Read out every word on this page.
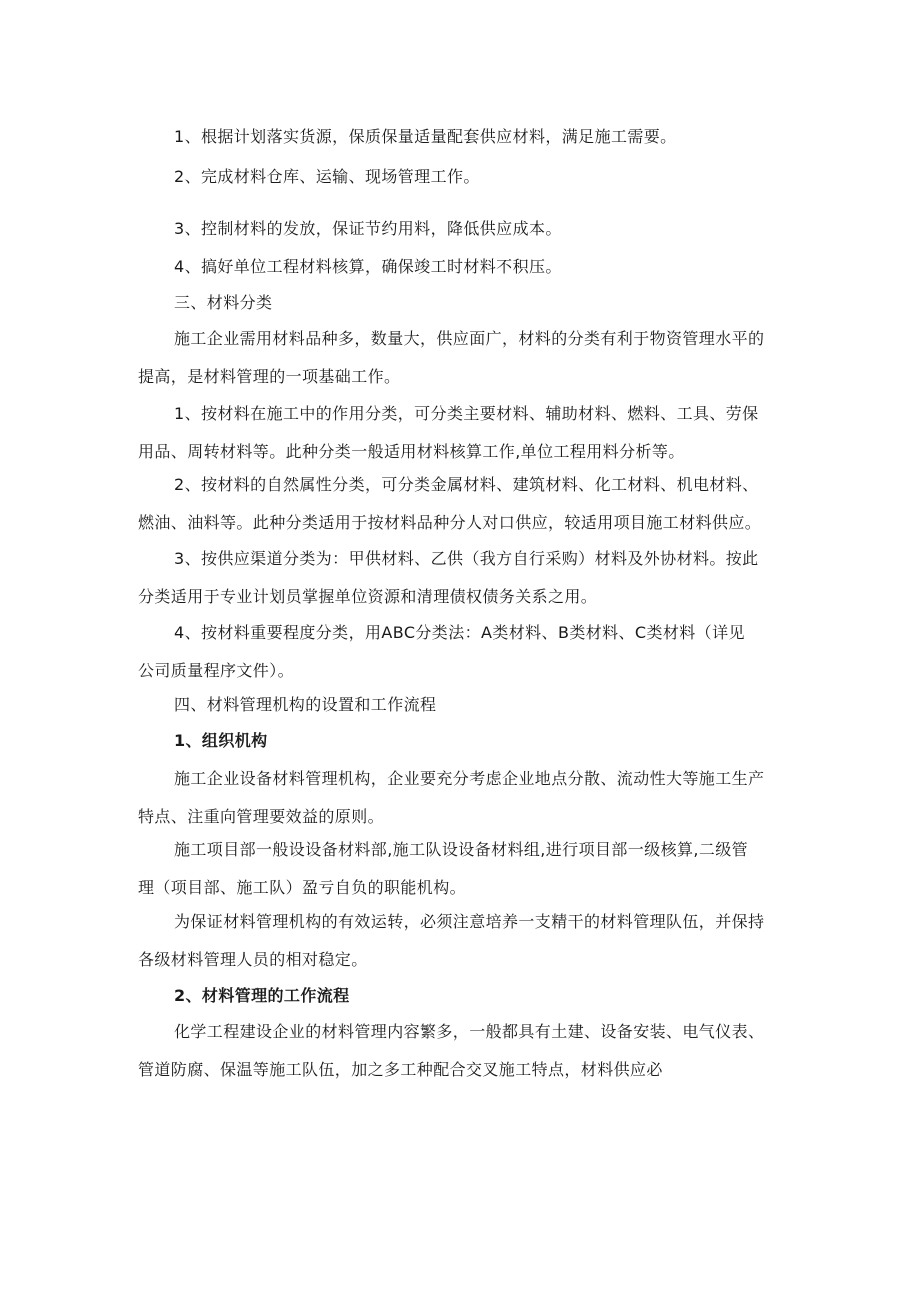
1、根据计划落实货源，保质保量适量配套供应材料，满足施工需要。

2、完成材料仓库、运输、现场管理工作。

3、控制材料的发放，保证节约用料，降低供应成本。

4、搞好单位工程材料核算，确保竣工时材料不积压。

三、材料分类

施工企业需用材料品种多，数量大，供应面广，材料的分类有利于物资管理水平的
提高，是材料管理的一项基础工作。

1、按材料在施工中的作用分类，可分类主要材料、辅助材料、燃料、工具、劳保
用品、周转材料等。此种分类一般适用材料核算工作,单位工程用料分析等。

2、按材料的自然属性分类，可分类金属材料、建筑材料、化工材料、机电材料、
燃油、油料等。此种分类适用于按材料品种分人对口供应，较适用项目施工材料供应。

3、按供应渠道分类为：甲供材料、乙供（我方自行采购）材料及外协材料。按此
分类适用于专业计划员掌握单位资源和清理债权债务关系之用。

4、按材料重要程度分类，用ABC分类法：A类材料、B类材料、C类材料（详见
公司质量程序文件）。

四、材料管理机构的设置和工作流程

1、组织机构

施工企业设备材料管理机构，企业要充分考虑企业地点分散、流动性大等施工生产
特点、注重向管理要效益的原则。

施工项目部一般设设备材料部,施工队设设备材料组,进行项目部一级核算,二级管
理（项目部、施工队）盈亏自负的职能机构。

为保证材料管理机构的有效运转，必须注意培养一支精干的材料管理队伍，并保持
各级材料管理人员的相对稳定。

2、材料管理的工作流程

化学工程建设企业的材料管理内容繁多，一般都具有土建、设备安装、电气仪表、
管道防腐、保温等施工队伍，加之多工种配合交叉施工特点，材料供应必
